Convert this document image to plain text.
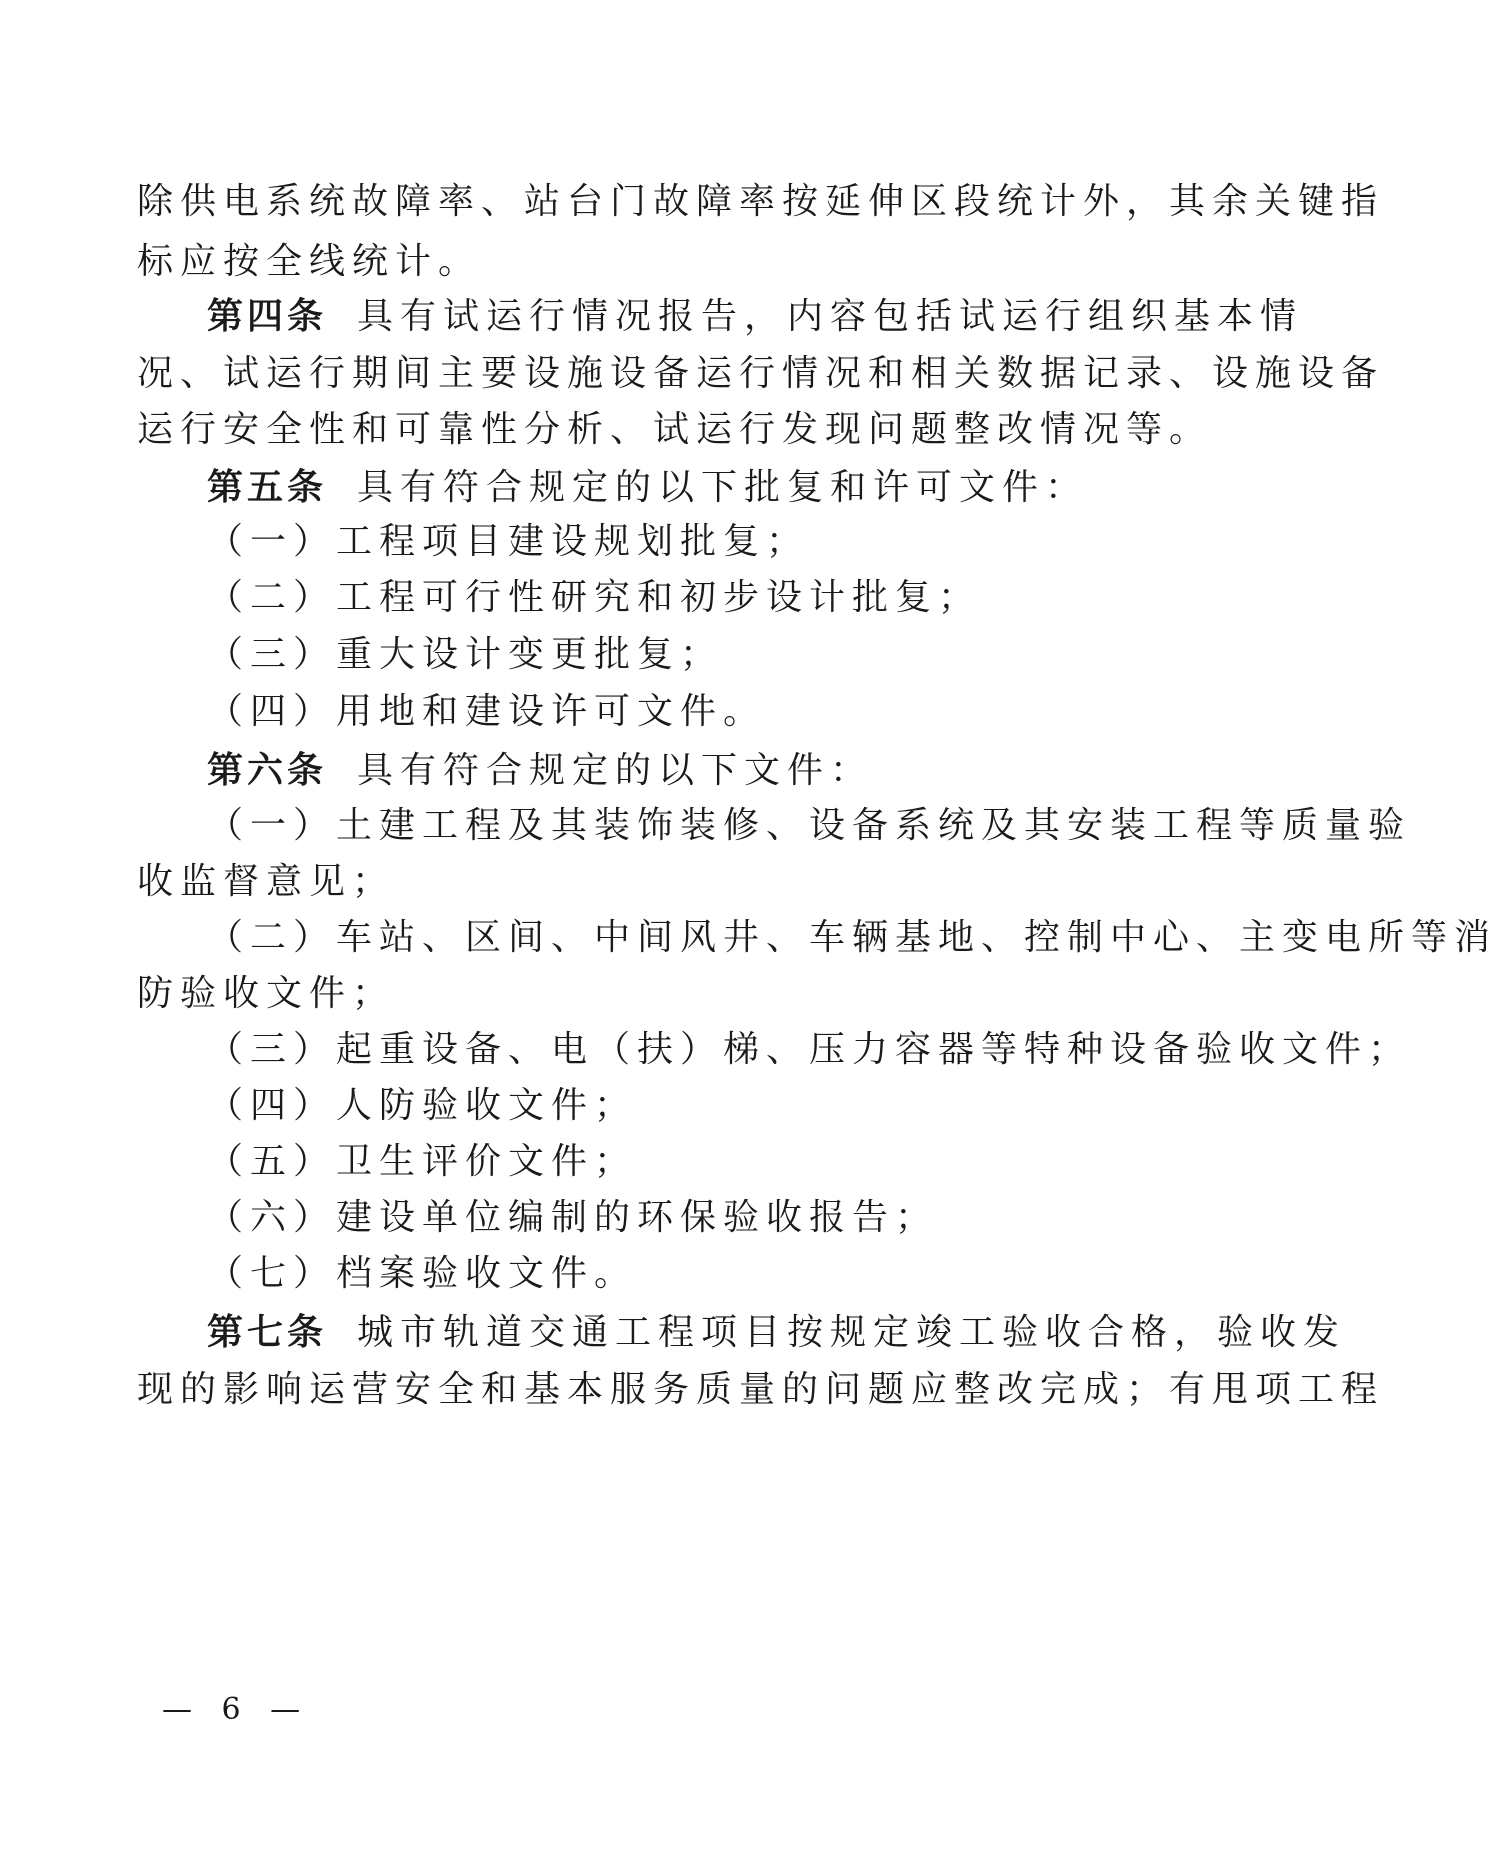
除供电系统故障率、站台门故障率按延伸区段统计外，其余关键指
标应按全线统计。
第四条 具有试运行情况报告，内容包括试运行组织基本情
况、试运行期间主要设施设备运行情况和相关数据记录、设施设备
运行安全性和可靠性分析、试运行发现问题整改情况等。
第五条 具有符合规定的以下批复和许可文件：
（一）工程项目建设规划批复；
（二）工程可行性研究和初步设计批复；
（三）重大设计变更批复；
（四）用地和建设许可文件。
第六条 具有符合规定的以下文件：
（一）土建工程及其装饰装修、设备系统及其安装工程等质量验
收监督意见；
（二）车站、区间、中间风井、车辆基地、控制中心、主变电所等消
防验收文件；
（三）起重设备、电（扶）梯、压力容器等特种设备验收文件；
（四）人防验收文件；
（五）卫生评价文件；
（六）建设单位编制的环保验收报告；
（七）档案验收文件。
第七条 城市轨道交通工程项目按规定竣工验收合格，验收发
现的影响运营安全和基本服务质量的问题应整改完成；有甩项工程
— 6 —
